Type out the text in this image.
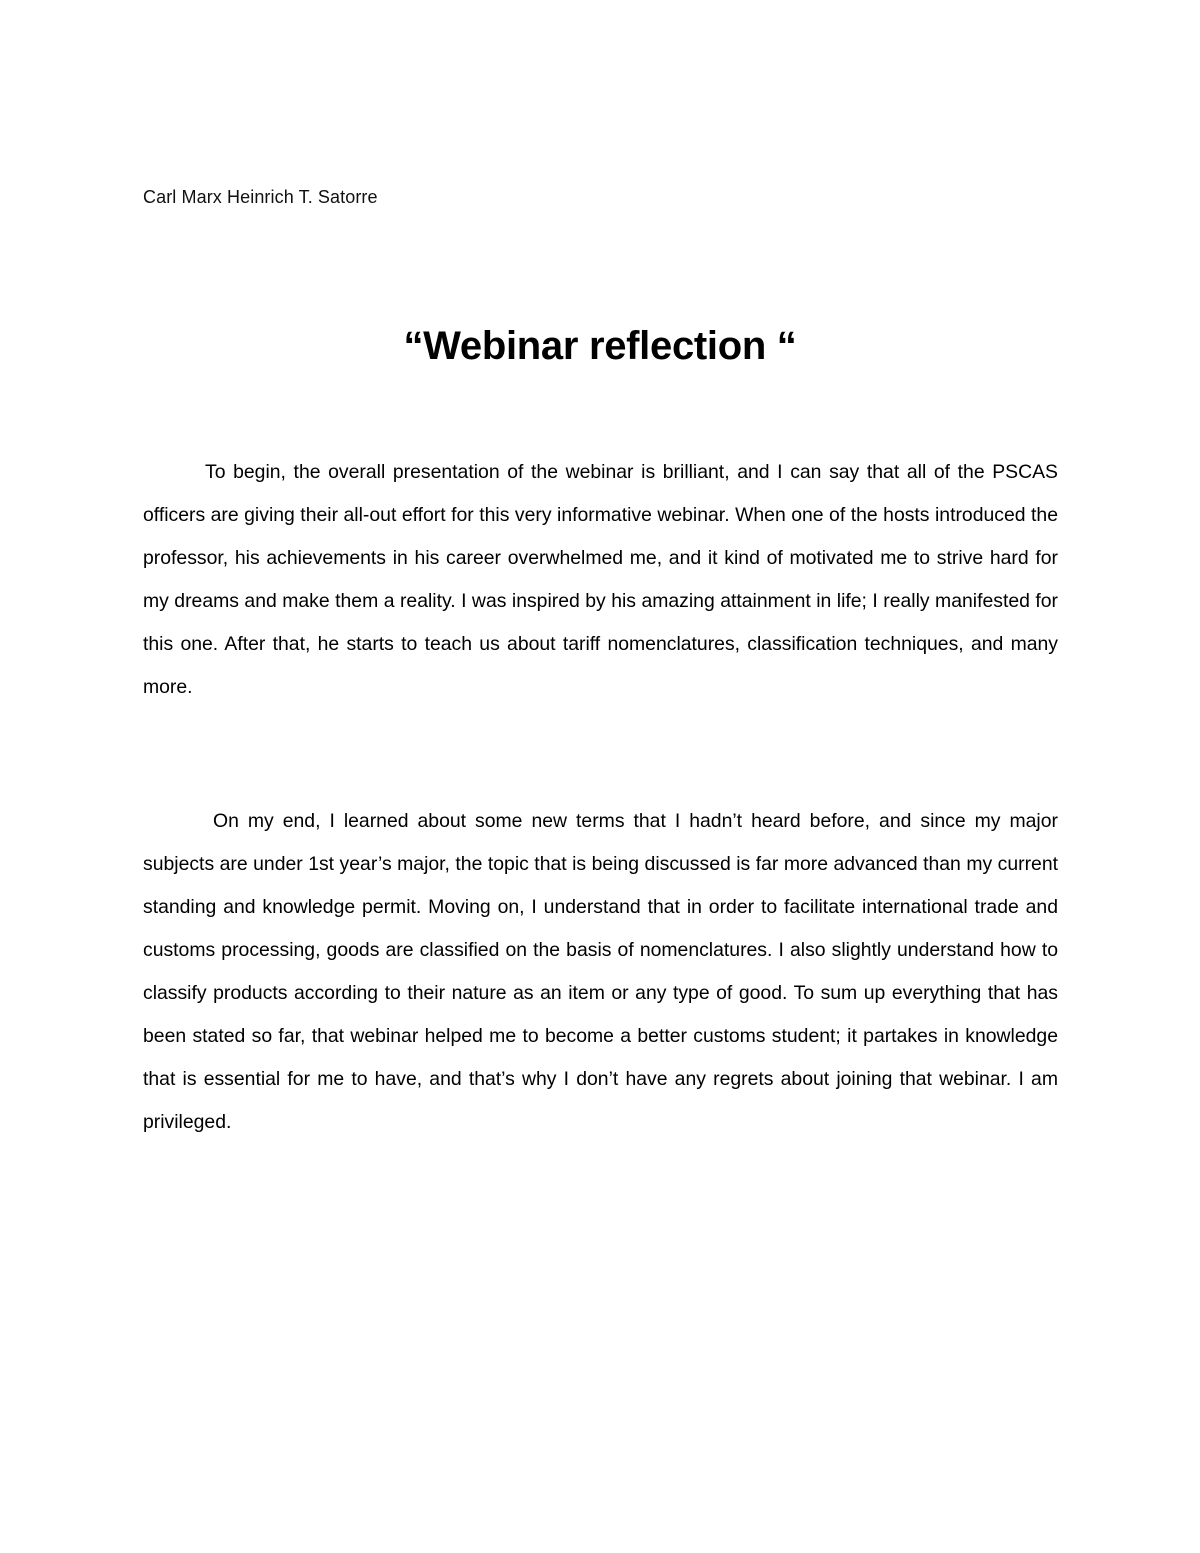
Carl Marx Heinrich T. Satorre
“Webinar reflection “

To begin, the overall presentation of the webinar is brilliant, and I can say that all of the PSCAS officers are giving their all-out effort for this very informative webinar. When one of the hosts introduced the professor, his achievements in his career overwhelmed me, and it kind of motivated me to strive hard for my dreams and make them a reality. I was inspired by his amazing attainment in life; I really manifested for this one. After that, he starts to teach us about tariff nomenclatures, classification techniques, and many more.

On my end, I learned about some new terms that I hadn’t heard before, and since my major subjects are under 1st year’s major, the topic that is being discussed is far more advanced than my current standing and knowledge permit. Moving on, I understand that in order to facilitate international trade and customs processing, goods are classified on the basis of nomenclatures. I also slightly understand how to classify products according to their nature as an item or any type of good. To sum up everything that has been stated so far, that webinar helped me to become a better customs student; it partakes in knowledge that is essential for me to have, and that’s why I don’t have any regrets about joining that webinar. I am privileged.
